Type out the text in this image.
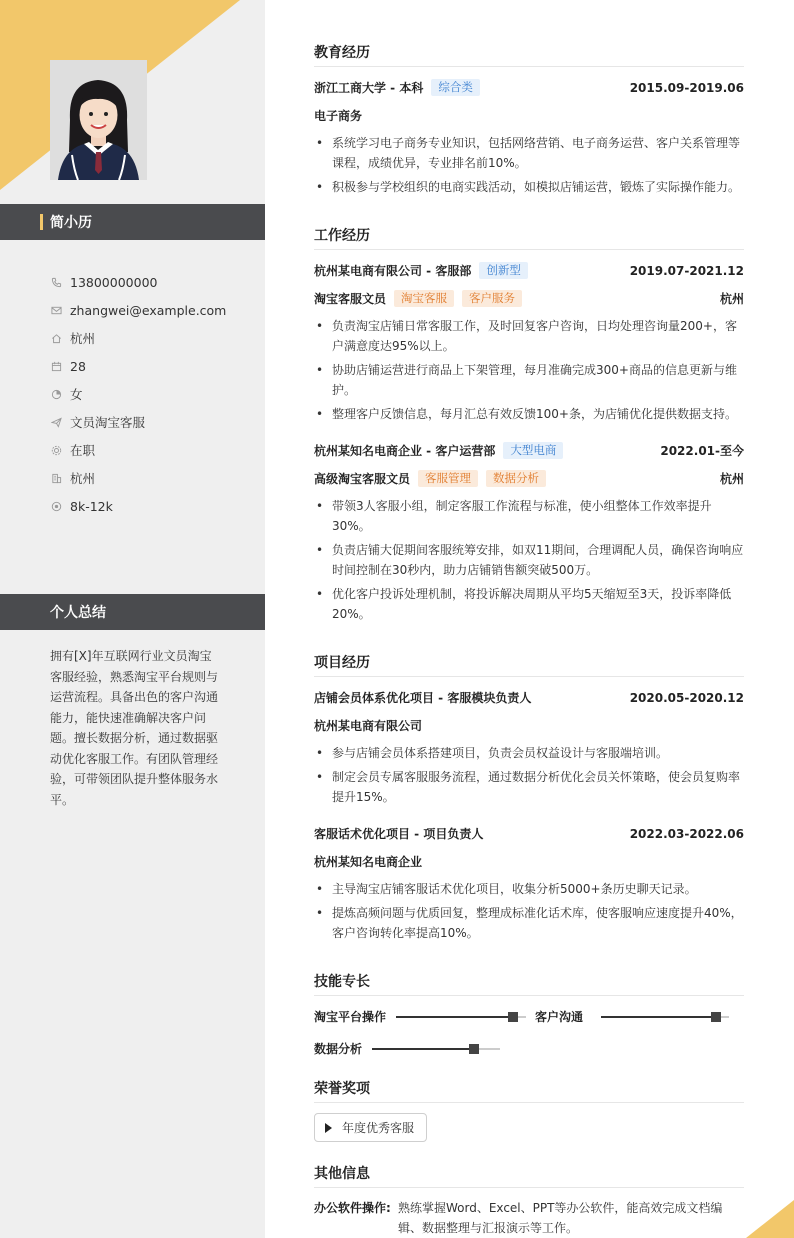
简小历
13800000000
zhangwei@example.com
杭州
28
女
文员淘宝客服
在职
杭州
8k-12k
个人总结

拥有[X]年互联网行业文员淘宝客服经验，熟悉淘宝平台规则与运营流程。具备出色的客户沟通能力，能快速准确解决客户问题。擅长数据分析，通过数据驱动优化客服工作。有团队管理经验，可带领团队提升整体服务水平。

教育经历
浙江工商大学 - 本科	综合类	2015.09-2019.06
电子商务
• 系统学习电子商务专业知识，包括网络营销、电子商务运营、客户关系管理等课程，成绩优异，专业排名前10%。
• 积极参与学校组织的电商实践活动，如模拟店铺运营，锻炼了实际操作能力。
工作经历
杭州某电商有限公司 - 客服部	创新型	2019.07-2021.12
淘宝客服文员	淘宝客服	客户服务	杭州
• 负责淘宝店铺日常客服工作，及时回复客户咨询，日均处理咨询量200+，客户满意度达95%以上。
• 协助店铺运营进行商品上下架管理，每月准确完成300+商品的信息更新与维护。
• 整理客户反馈信息，每月汇总有效反馈100+条，为店铺优化提供数据支持。
杭州某知名电商企业 - 客户运营部	大型电商	2022.01-至今
高级淘宝客服文员	客服管理	数据分析	杭州
• 带领3人客服小组，制定客服工作流程与标准，使小组整体工作效率提升30%。
• 负责店铺大促期间客服统筹安排，如双11期间，合理调配人员，确保咨询响应时间控制在30秒内，助力店铺销售额突破500万。
• 优化客户投诉处理机制，将投诉解决周期从平均5天缩短至3天，投诉率降低20%。
项目经历
店铺会员体系优化项目 - 客服模块负责人	2020.05-2020.12
杭州某电商有限公司
• 参与店铺会员体系搭建项目，负责会员权益设计与客服端培训。
• 制定会员专属客服服务流程，通过数据分析优化会员关怀策略，使会员复购率提升15%。
客服话术优化项目 - 项目负责人	2022.03-2022.06
杭州某知名电商企业
• 主导淘宝店铺客服话术优化项目，收集分析5000+条历史聊天记录。
• 提炼高频问题与优质回复，整理成标准化话术库，使客服响应速度提升40%，客户咨询转化率提高10%。
技能专长
淘宝平台操作	客户沟通
数据分析
荣誉奖项
年度优秀客服
其他信息
办公软件操作: 熟练掌握Word、Excel、PPT等办公软件，能高效完成文档编辑、数据整理与汇报演示等工作。
